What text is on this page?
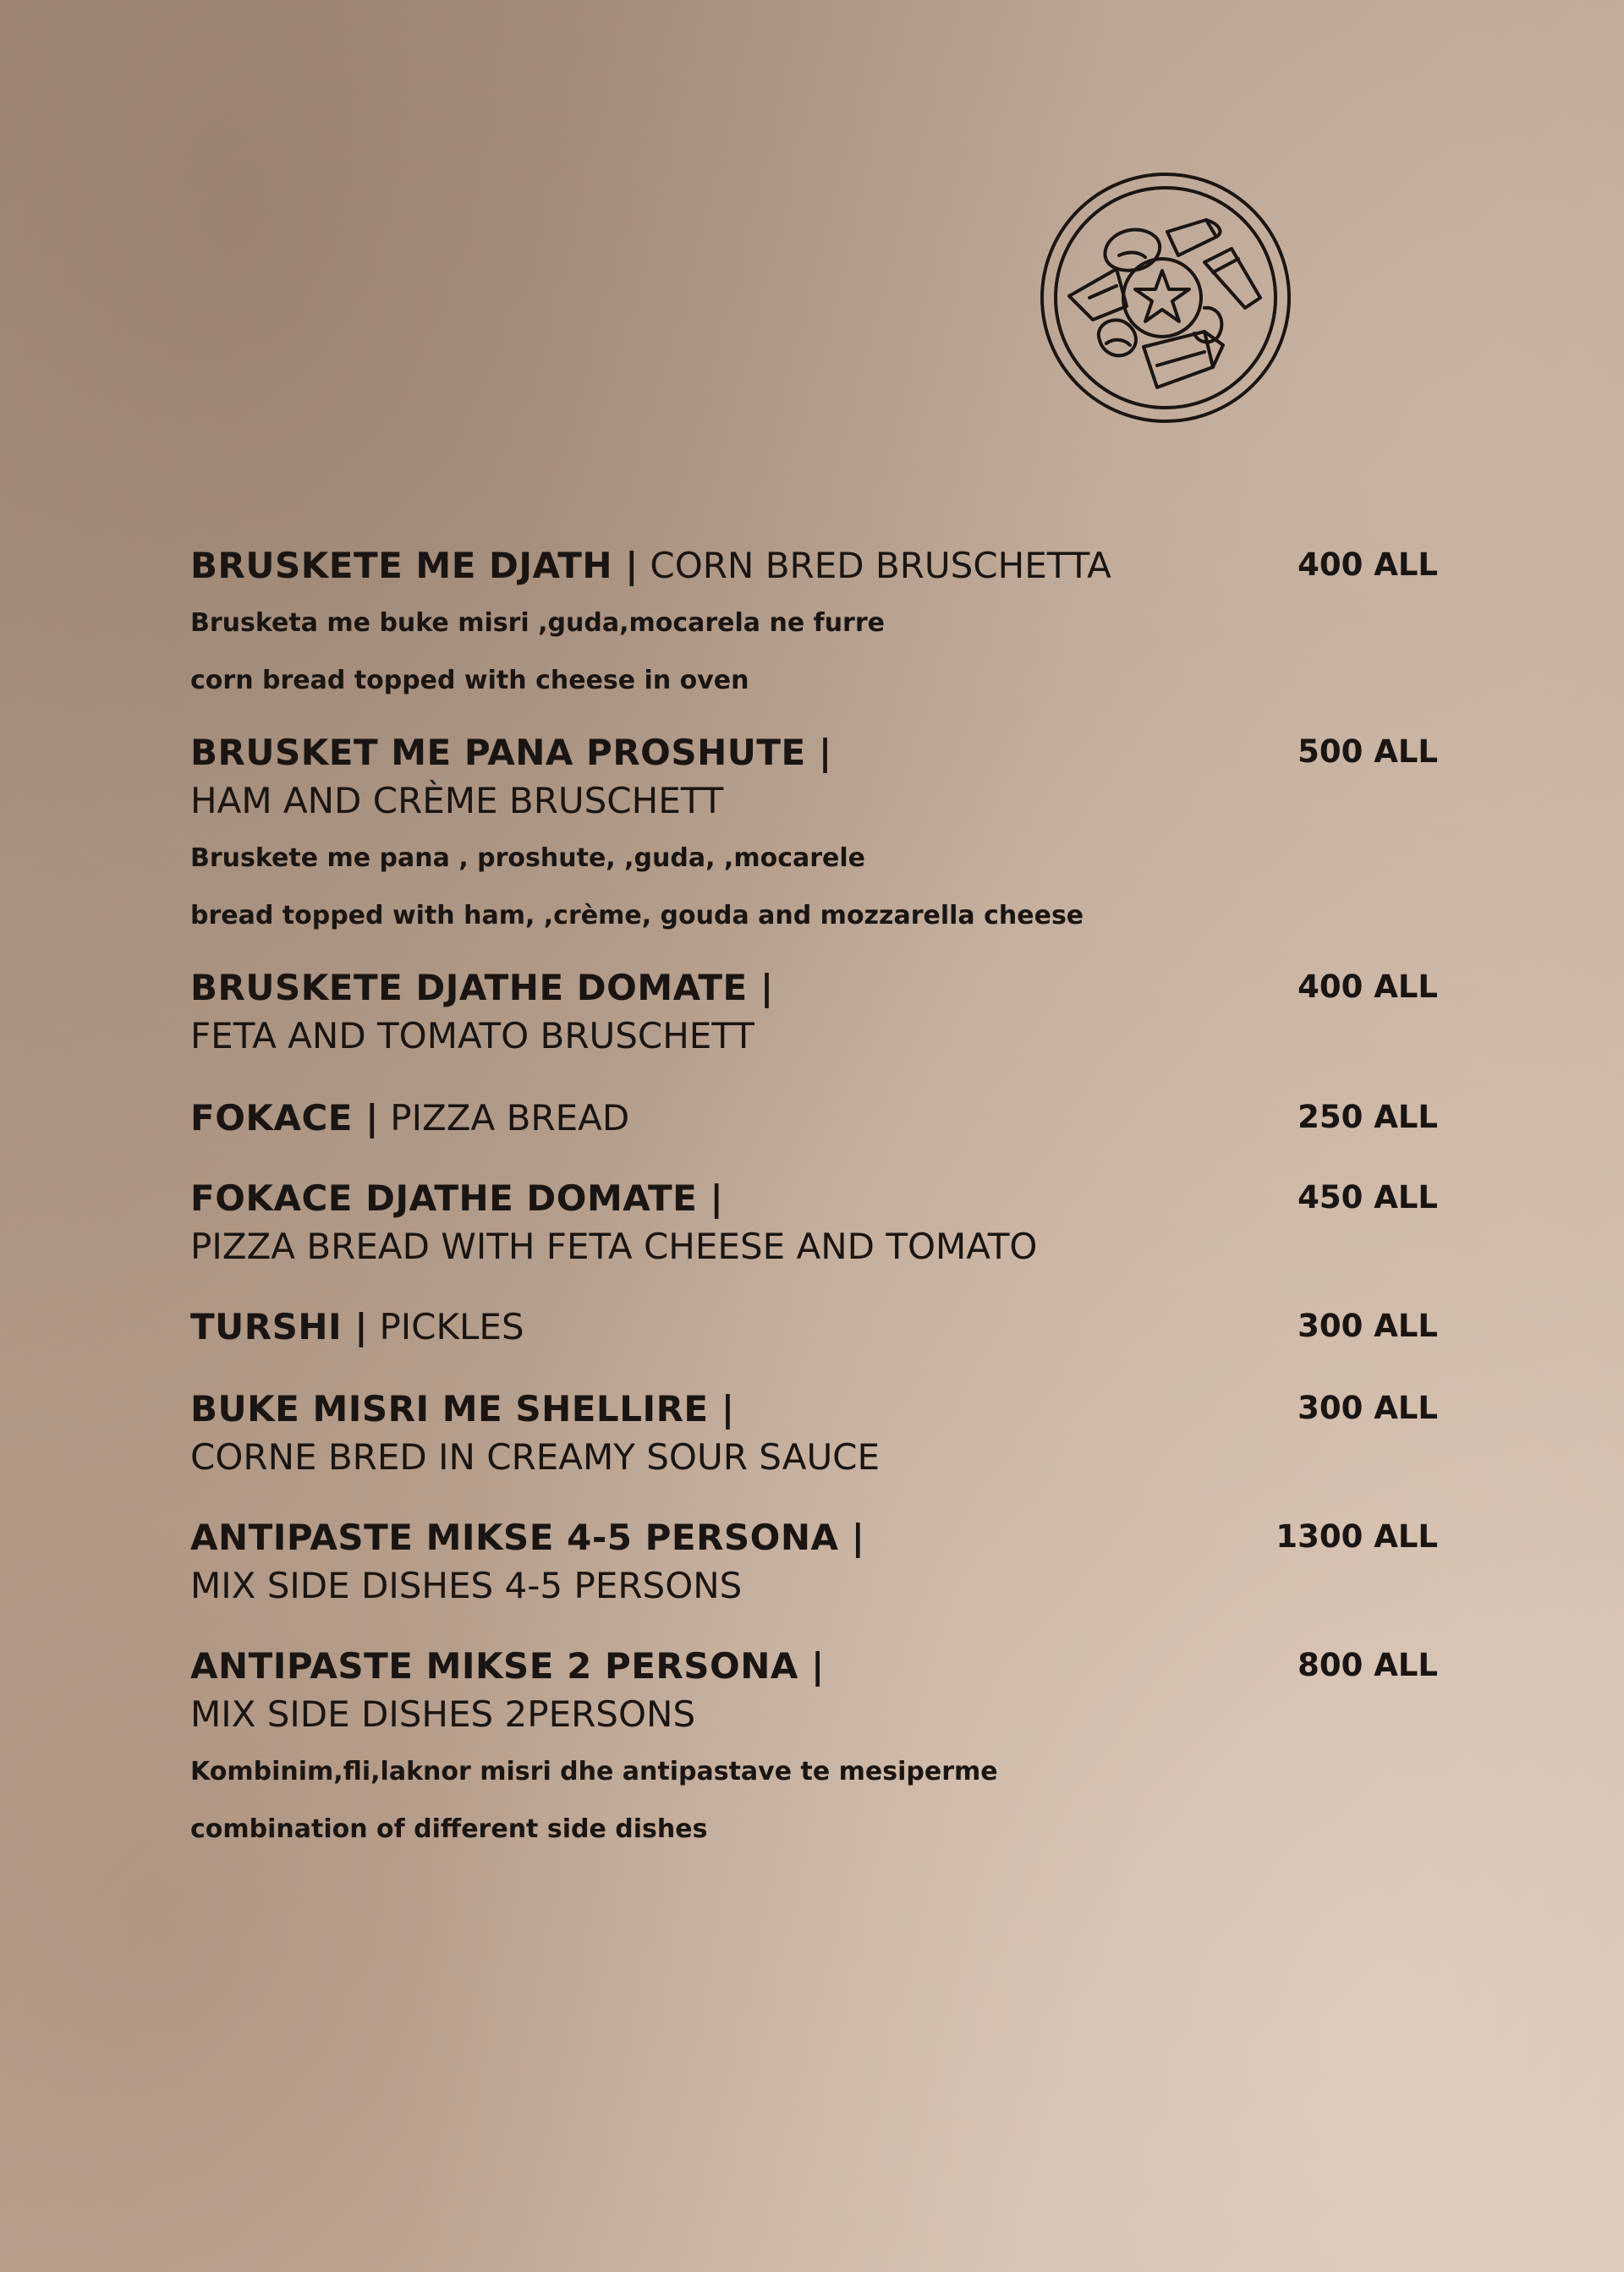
BRUSKETE ME DJATH | CORN BRED BRUSCHETTA	400 ALL
Brusketa me buke misri ,guda,mocarela ne furre
corn bread topped with cheese in oven
BRUSKET ME PANA PROSHUTE |
HAM AND CRÈME BRUSCHETT
500 ALL
Bruskete me pana , proshute, ,guda, ,mocarele
bread topped with ham, ,crème, gouda and mozzarella cheese
BRUSKETE DJATHE DOMATE |
FETA AND TOMATO BRUSCHETT
400 ALL
FOKACE | PIZZA BREAD	250 ALL
FOKACE DJATHE DOMATE |
PIZZA BREAD WITH FETA CHEESE AND TOMATO
450 ALL
TURSHI | PICKLES	300 ALL
BUKE MISRI ME SHELLIRE |
CORNE BRED IN CREAMY SOUR SAUCE
300 ALL
ANTIPASTE MIKSE 4-5 PERSONA |
MIX SIDE DISHES 4-5 PERSONS
1300 ALL
ANTIPASTE MIKSE 2 PERSONA |
MIX SIDE DISHES 2PERSONS
800 ALL
Kombinim,fli,laknor misri dhe antipastave te mesiperme
combination of different side dishes
